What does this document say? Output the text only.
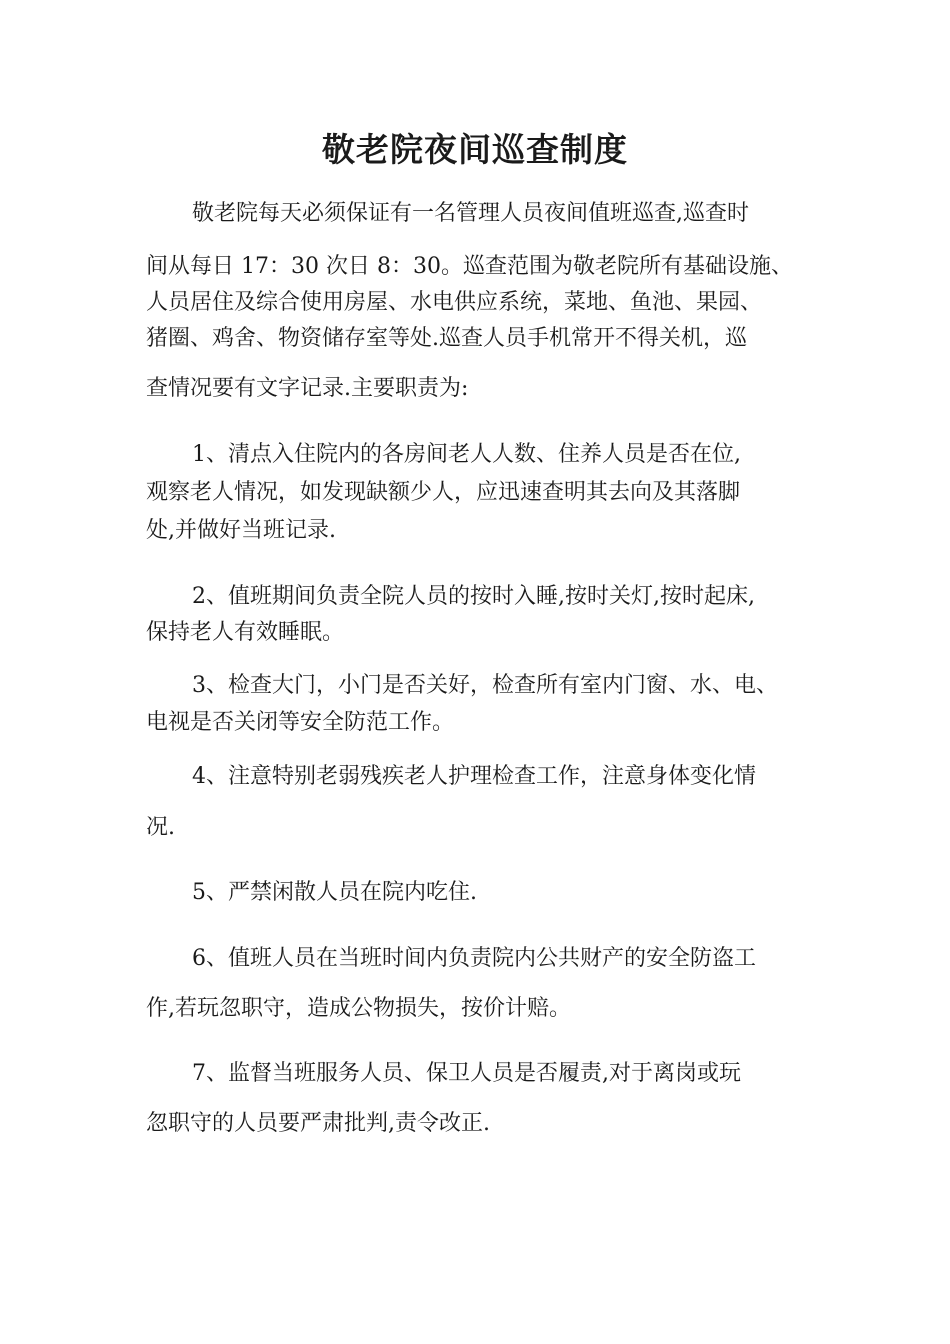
敬老院夜间巡查制度
敬老院每天必须保证有一名管理人员夜间值班巡查,巡查时
间从每日 17：30 次日 8：30。巡查范围为敬老院所有基础设施、
人员居住及综合使用房屋、水电供应系统，菜地、鱼池、果园、
猪圈、鸡舍、物资储存室等处.巡查人员手机常开不得关机，巡
查情况要有文字记录.主要职责为:
1、清点入住院内的各房间老人人数、住养人员是否在位,
观察老人情况，如发现缺额少人，应迅速查明其去向及其落脚
处,并做好当班记录.
2、值班期间负责全院人员的按时入睡,按时关灯,按时起床,
保持老人有效睡眠。
3、检查大门，小门是否关好，检查所有室内门窗、水、电、
电视是否关闭等安全防范工作。
4、注意特别老弱残疾老人护理检查工作，注意身体变化情
况.
5、严禁闲散人员在院内吃住.
6、值班人员在当班时间内负责院内公共财产的安全防盗工
作,若玩忽职守，造成公物损失，按价计赔。
7、监督当班服务人员、保卫人员是否履责,对于离岗或玩
忽职守的人员要严肃批判,责令改正.
